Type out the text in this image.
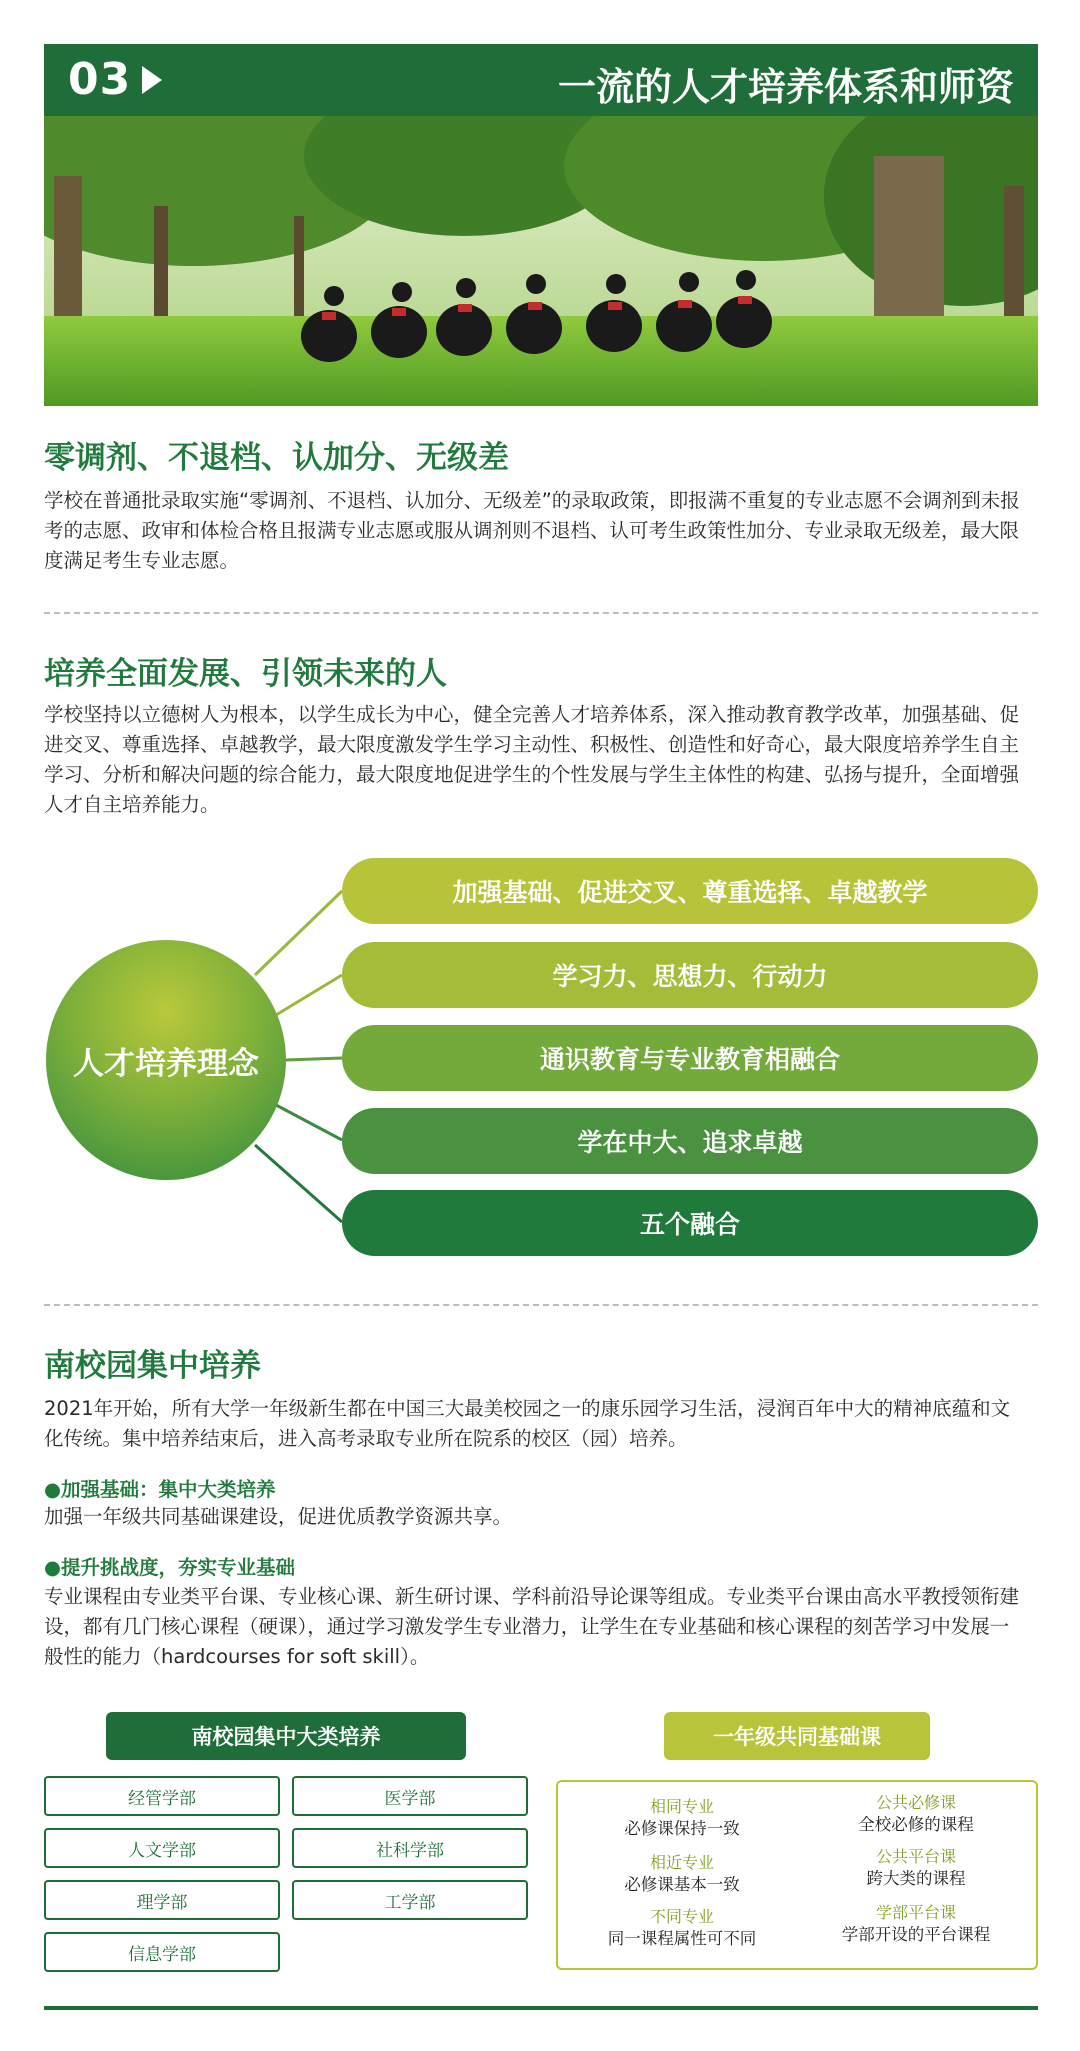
03	一流的人才培养体系和师资
零调剂、不退档、认加分、无级差
学校在普通批录取实施“零调剂、不退档、认加分、无级差”的录取政策，即报满不重复的专业志愿不会调剂到未报
考的志愿、政审和体检合格且报满专业志愿或服从调剂则不退档、认可考生政策性加分、专业录取无级差，最大限
度满足考生专业志愿。
培养全面发展、引领未来的人
学校坚持以立德树人为根本，以学生成长为中心，健全完善人才培养体系，深入推动教育教学改革，加强基础、促
进交叉、尊重选择、卓越教学，最大限度激发学生学习主动性、积极性、创造性和好奇心，最大限度培养学生自主
学习、分析和解决问题的综合能力，最大限度地促进学生的个性发展与学生主体性的构建、弘扬与提升，全面增强
人才自主培养能力。
人才培养理念
加强基础、促进交叉、尊重选择、卓越教学
学习力、思想力、行动力
通识教育与专业教育相融合
学在中大、追求卓越
五个融合
南校园集中培养
2021年开始，所有大学一年级新生都在中国三大最美校园之一的康乐园学习生活，浸润百年中大的精神底蕴和文
化传统。集中培养结束后，进入高考录取专业所在院系的校区（园）培养。
●加强基础：集中大类培养
加强一年级共同基础课建设，促进优质教学资源共享。
●提升挑战度，夯实专业基础
专业课程由专业类平台课、专业核心课、新生研讨课、学科前沿导论课等组成。专业类平台课由高水平教授领衔建
设，都有几门核心课程（硬课），通过学习激发学生专业潜力，让学生在专业基础和核心课程的刻苦学习中发展一
般性的能力（hardcourses for soft skill）。
南校园集中大类培养
经管学部	医学部
人文学部	社科学部
理学部	工学部
信息学部
一年级共同基础课
相同专业
必修课保持一致
公共必修课
全校必修的课程
相近专业
必修课基本一致
公共平台课
跨大类的课程
不同专业
同一课程属性可不同
学部平台课
学部开设的平台课程
